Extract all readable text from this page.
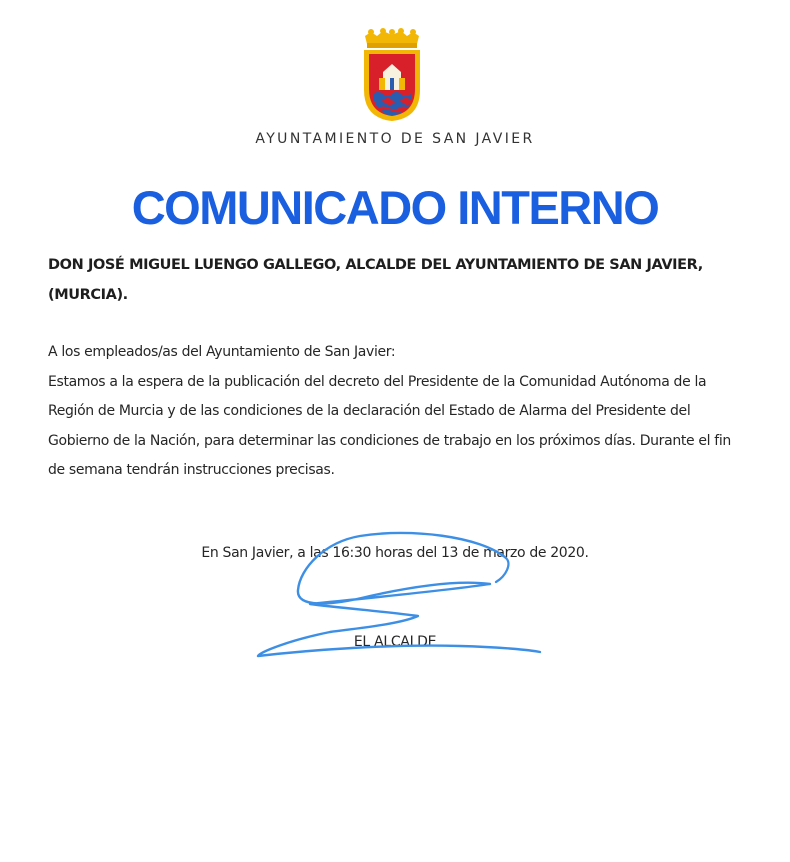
AYUNTAMIENTO DE SAN JAVIER
COMUNICADO INTERNO
DON JOSÉ MIGUEL LUENGO GALLEGO, ALCALDE DEL AYUNTAMIENTO DE SAN JAVIER, (MURCIA).

A los empleados/as del Ayuntamiento de San Javier:

Estamos a la espera de la publicación del decreto del Presidente de la Comunidad Autónoma de la Región de Murcia y de las condiciones de la declaración del Estado de Alarma del Presidente del Gobierno de la Nación, para determinar las condiciones de trabajo en los próximos días. Durante el fin de semana tendrán instrucciones precisas.

En San Javier, a las 16:30 horas del 13 de marzo de 2020.
EL ALCALDE
